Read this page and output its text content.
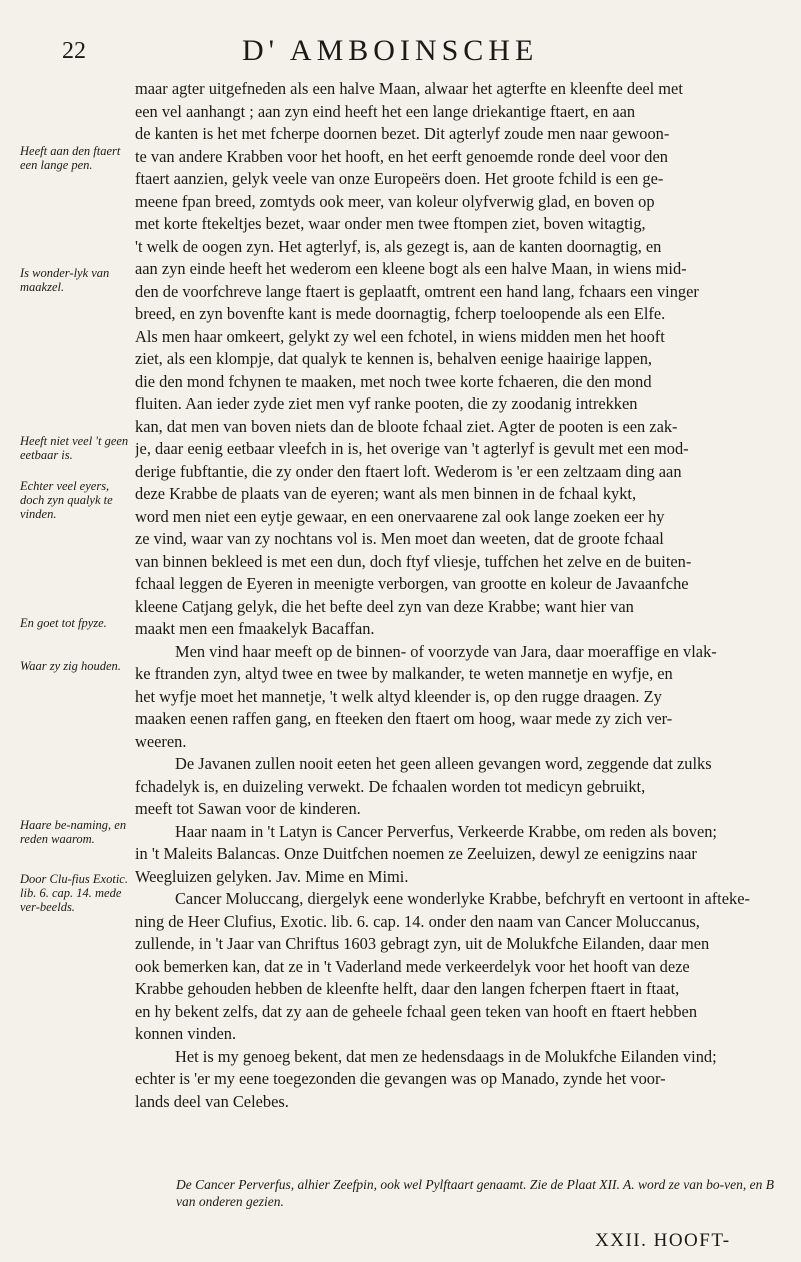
22	D' AMBOINSCHE
Heeft aan den ftaert een lange pen.
Is wonder-lyk van maakzel.
Heeft niet veel 't geen eetbaar is.
Echter veel eyers, doch zyn qualyk te vinden.
En goet tot fpyze.
Waar zy zig houden.
Haare be-naming, en reden waarom.
Door Clu-fius Exotic. lib. 6. cap. 14. mede ver-beelds.
maar agter uitgefneden als een halve Maan, alwaar het agterfte en kleenfte deel met
een vel aanhangt ; aan zyn eind heeft het een lange driekantige ftaert, en aan
de kanten is het met fcherpe doornen bezet. Dit agterlyf zoude men naar gewoon-
te van andere Krabben voor het hooft, en het eerft genoemde ronde deel voor den
ftaert aanzien, gelyk veele van onze Europeërs doen. Het groote fchild is een ge-
meene fpan breed, zomtyds ook meer, van koleur olyfverwig glad, en boven op
met korte ftekeltjes bezet, waar onder men twee ftompen ziet, boven witagtig,
't welk de oogen zyn. Het agterlyf, is, als gezegt is, aan de kanten doornagtig, en
aan zyn einde heeft het wederom een kleene bogt als een halve Maan, in wiens mid-
den de voorfchreve lange ftaert is geplaatft, omtrent een hand lang, fchaars een vinger
breed, en zyn bovenfte kant is mede doornagtig, fcherp toeloopende als een Elfe.
Als men haar omkeert, gelykt zy wel een fchotel, in wiens midden men het hooft
ziet, als een klompje, dat qualyk te kennen is, behalven eenige haairige lappen,
die den mond fchynen te maaken, met noch twee korte fchaeren, die den mond
fluiten. Aan ieder zyde ziet men vyf ranke pooten, die zy zoodanig intrekken
kan, dat men van boven niets dan de bloote fchaal ziet. Agter de pooten is een zak-
je, daar eenig eetbaar vleefch in is, het overige van 't agterlyf is gevult met een mod-
derige fubftantie, die zy onder den ftaert loft. Wederom is 'er een zeltzaam ding aan
deze Krabbe de plaats van de eyeren; want als men binnen in de fchaal kykt,
word men niet een eytje gewaar, en een onervaarene zal ook lange zoeken eer hy
ze vind, waar van zy nochtans vol is. Men moet dan weeten, dat de groote fchaal
van binnen bekleed is met een dun, doch ftyf vliesje, tuffchen het zelve en de buiten-
fchaal leggen de Eyeren in meenigte verborgen, van grootte en koleur de Javaanfche
kleene Catjang gelyk, die het befte deel zyn van deze Krabbe; want hier van
maakt men een fmaakelyk Bacaffan.
Men vind haar meeft op de binnen- of voorzyde van Jara, daar moeraffige en vlak-
ke ftranden zyn, altyd twee en twee by malkander, te weten mannetje en wyfje, en
het wyfje moet het mannetje, 't welk altyd kleender is, op den rugge draagen. Zy
maaken eenen raffen gang, en fteeken den ftaert om hoog, waar mede zy zich ver-
weeren.
De Javanen zullen nooit eeten het geen alleen gevangen word, zeggende dat zulks
fchadelyk is, en duizeling verwekt. De fchaalen worden tot medicyn gebruikt,
meeft tot Sawan voor de kinderen.
Haar naam in 't Latyn is Cancer Perverfus, Verkeerde Krabbe, om reden als boven;
in 't Maleits Balancas. Onze Duitfchen noemen ze Zeeluizen, dewyl ze eenigzins naar
Weegluizen gelyken. Jav. Mime en Mimi.
Cancer Moluccang, diergelyk eene wonderlyke Krabbe, befchryft en vertoont in afteke-
ning de Heer Clufius, Exotic. lib. 6. cap. 14. onder den naam van Cancer Moluccanus,
zullende, in 't Jaar van Chriftus 1603 gebragt zyn, uit de Molukfche Eilanden, daar men
ook bemerken kan, dat ze in 't Vaderland mede verkeerdelyk voor het hooft van deze
Krabbe gehouden hebben de kleenfte helft, daar den langen fcherpen ftaert in ftaat,
en hy bekent zelfs, dat zy aan de geheele fchaal geen teken van hooft en ftaert hebben
konnen vinden.
Het is my genoeg bekent, dat men ze hedensdaags in de Molukfche Eilanden vind;
echter is 'er my eene toegezonden die gevangen was op Manado, zynde het voor-
lands deel van Celebes.
De Cancer Perverfus, alhier Zeefpin, ook wel Pylftaart genaamt. Zie de Plaat XII. A. word ze van bo-ven, en B van onderen gezien.
XXII. HOOFT-
